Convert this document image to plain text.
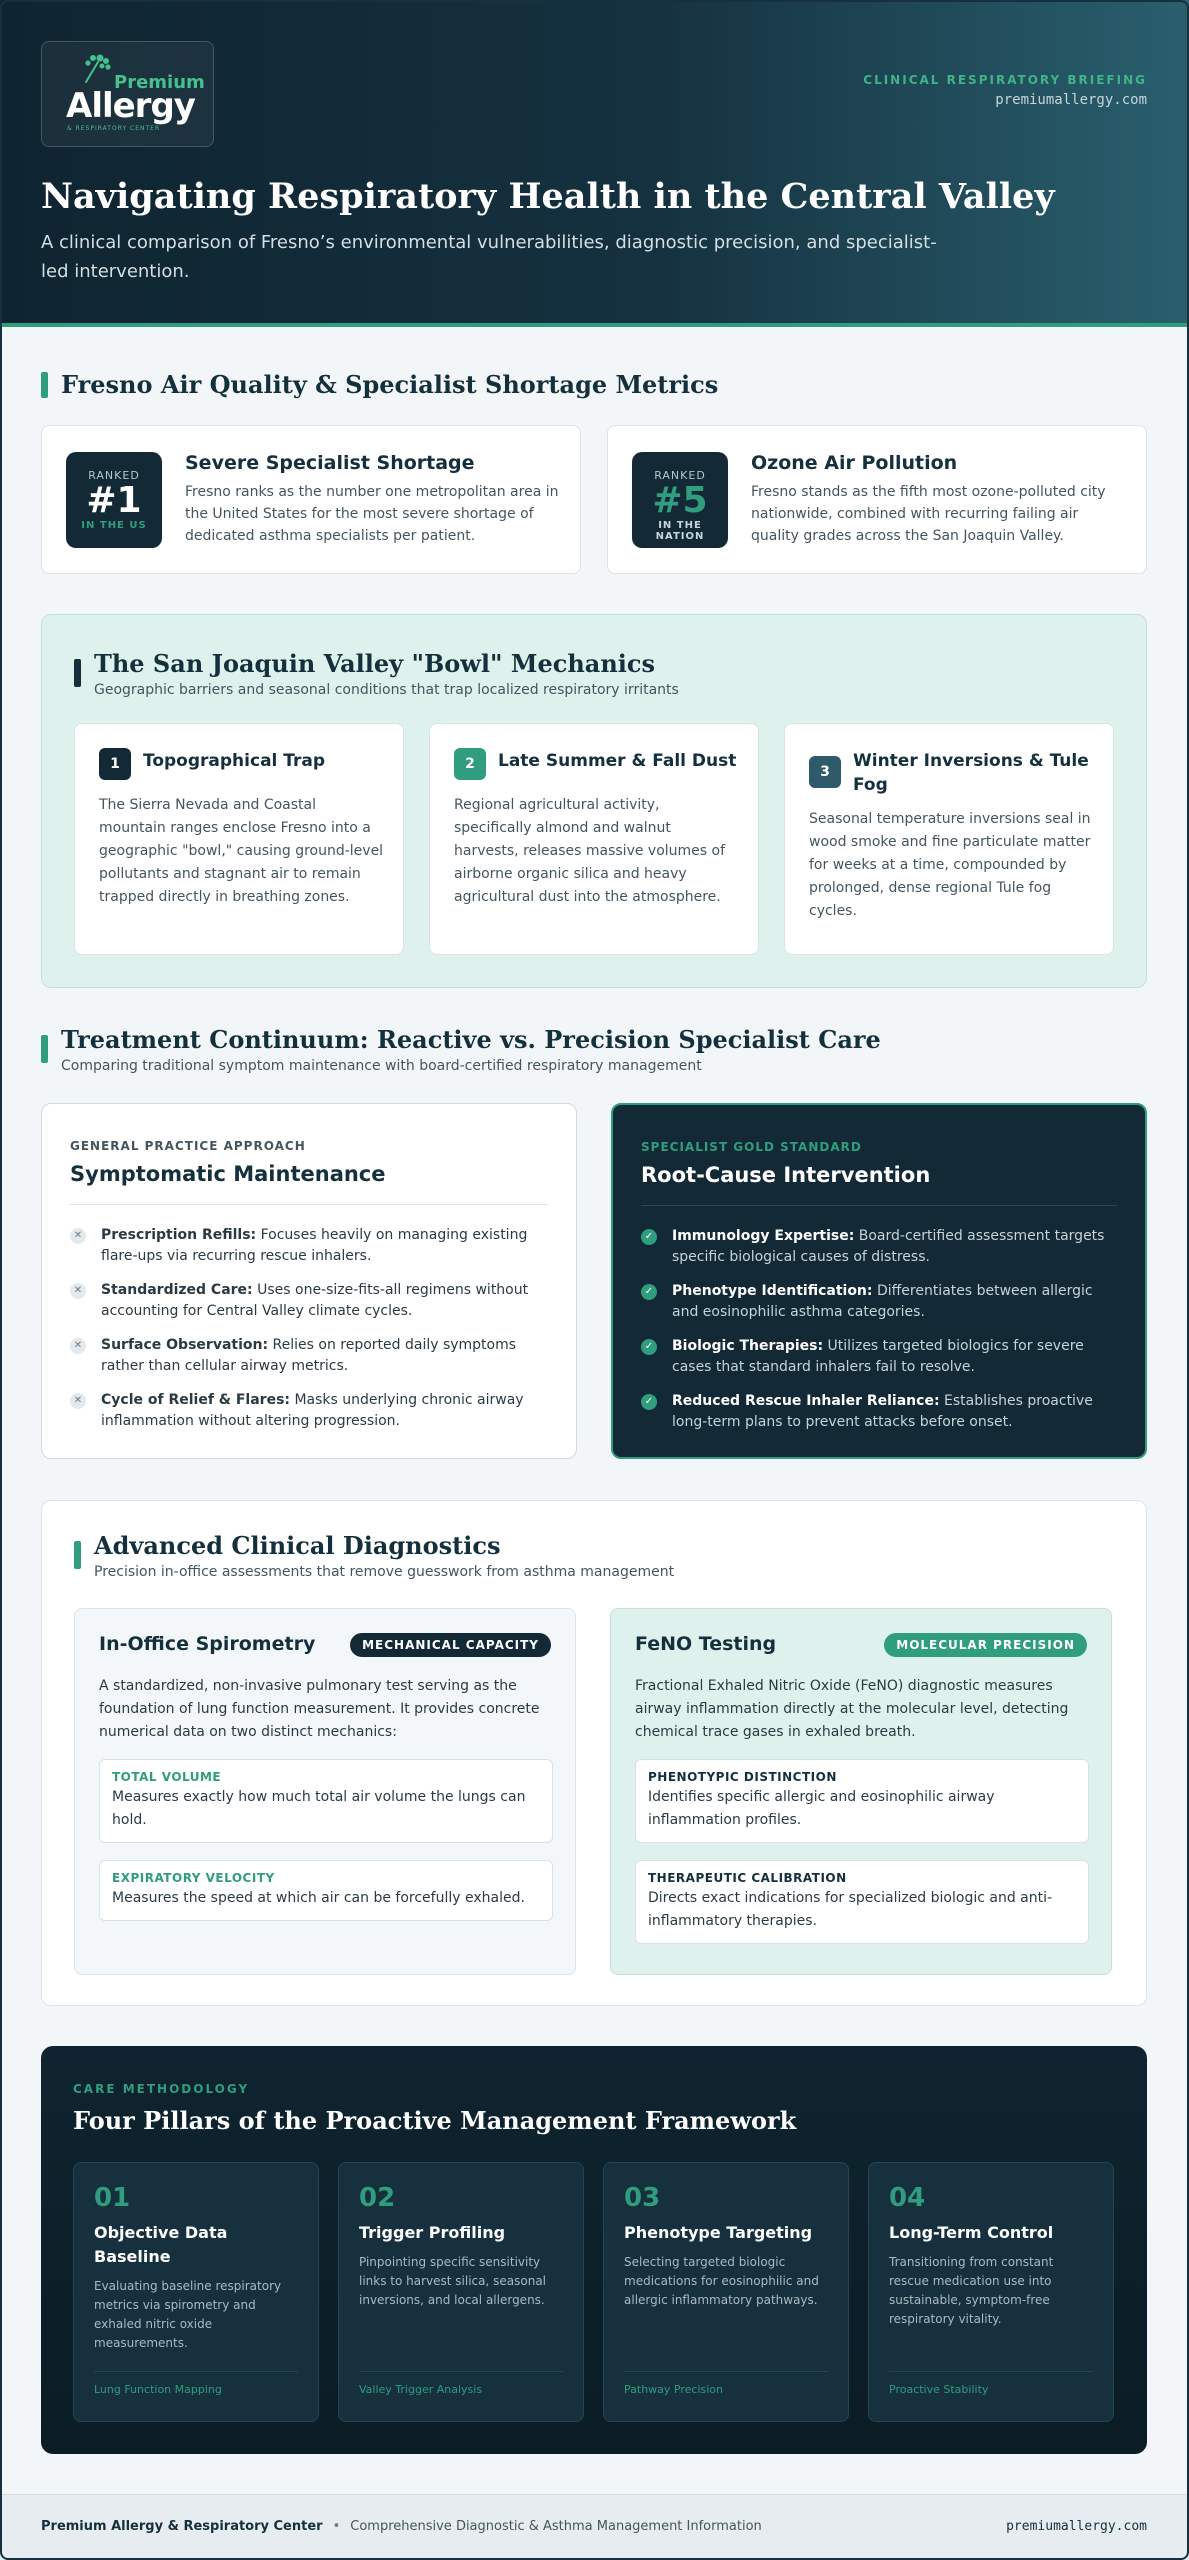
Premium
Allergy
& RESPIRATORY CENTER
CLINICAL RESPIRATORY BRIEFING
premiumallergy.com
Navigating Respiratory Health in the Central Valley

A clinical comparison of Fresno’s environmental vulnerabilities, diagnostic precision, and specialist-led intervention.

Fresno Air Quality & Specialist Shortage Metrics
RANKED
#1
IN THE US
Severe Specialist Shortage
Fresno ranks as the number one metropolitan area in the United States for the most severe shortage of dedicated asthma specialists per patient.
RANKED
#5
IN THE NATION
Ozone Air Pollution
Fresno stands as the fifth most ozone-polluted city nationwide, combined with recurring failing air quality grades across the San Joaquin Valley.
The San Joaquin Valley "Bowl" Mechanics
Geographic barriers and seasonal conditions that trap localized respiratory irritants
1	Topographical Trap
The Sierra Nevada and Coastal mountain ranges enclose Fresno into a geographic "bowl," causing ground-level pollutants and stagnant air to remain trapped directly in breathing zones.
2	Late Summer & Fall Dust
Regional agricultural activity, specifically almond and walnut harvests, releases massive volumes of airborne organic silica and heavy agricultural dust into the atmosphere.
3
Winter Inversions & Tule Fog
Seasonal temperature inversions seal in wood smoke and fine particulate matter for weeks at a time, compounded by prolonged, dense regional Tule fog cycles.
Treatment Continuum: Reactive vs. Precision Specialist Care
Comparing traditional symptom maintenance with board-certified respiratory management
GENERAL PRACTICE APPROACH
Symptomatic Maintenance
✕ Prescription Refills: Focuses heavily on managing existing flare-ups via recurring rescue inhalers.
✕ Standardized Care: Uses one-size-fits-all regimens without accounting for Central Valley climate cycles.
✕ Surface Observation: Relies on reported daily symptoms rather than cellular airway metrics.
✕ Cycle of Relief & Flares: Masks underlying chronic airway inflammation without altering progression.
SPECIALIST GOLD STANDARD
Root-Cause Intervention
✓ Immunology Expertise: Board-certified assessment targets specific biological causes of distress.
✓ Phenotype Identification: Differentiates between allergic and eosinophilic asthma categories.
✓ Biologic Therapies: Utilizes targeted biologics for severe cases that standard inhalers fail to resolve.
✓ Reduced Rescue Inhaler Reliance: Establishes proactive long-term plans to prevent attacks before onset.
Advanced Clinical Diagnostics
Precision in-office assessments that remove guesswork from asthma management
In-Office Spirometry	MECHANICAL CAPACITY
A standardized, non-invasive pulmonary test serving as the foundation of lung function measurement. It provides concrete numerical data on two distinct mechanics:
TOTAL VOLUME
Measures exactly how much total air volume the lungs can hold.
EXPIRATORY VELOCITY
Measures the speed at which air can be forcefully exhaled.
FeNO Testing	MOLECULAR PRECISION
Fractional Exhaled Nitric Oxide (FeNO) diagnostic measures airway inflammation directly at the molecular level, detecting chemical trace gases in exhaled breath.
PHENOTYPIC DISTINCTION
Identifies specific allergic and eosinophilic airway inflammation profiles.
THERAPEUTIC CALIBRATION
Directs exact indications for specialized biologic and anti-inflammatory therapies.
CARE METHODOLOGY
Four Pillars of the Proactive Management Framework
01
Objective Data Baseline
Evaluating baseline respiratory metrics via spirometry and exhaled nitric oxide measurements.
Lung Function Mapping
02
Trigger Profiling
Pinpointing specific sensitivity links to harvest silica, seasonal inversions, and local allergens.
Valley Trigger Analysis
03
Phenotype Targeting
Selecting targeted biologic medications for eosinophilic and allergic inflammatory pathways.
Pathway Precision
04
Long-Term Control
Transitioning from constant rescue medication use into sustainable, symptom-free respiratory vitality.
Proactive Stability
Premium Allergy & Respiratory Center • Comprehensive Diagnostic & Asthma Management Information	premiumallergy.com
